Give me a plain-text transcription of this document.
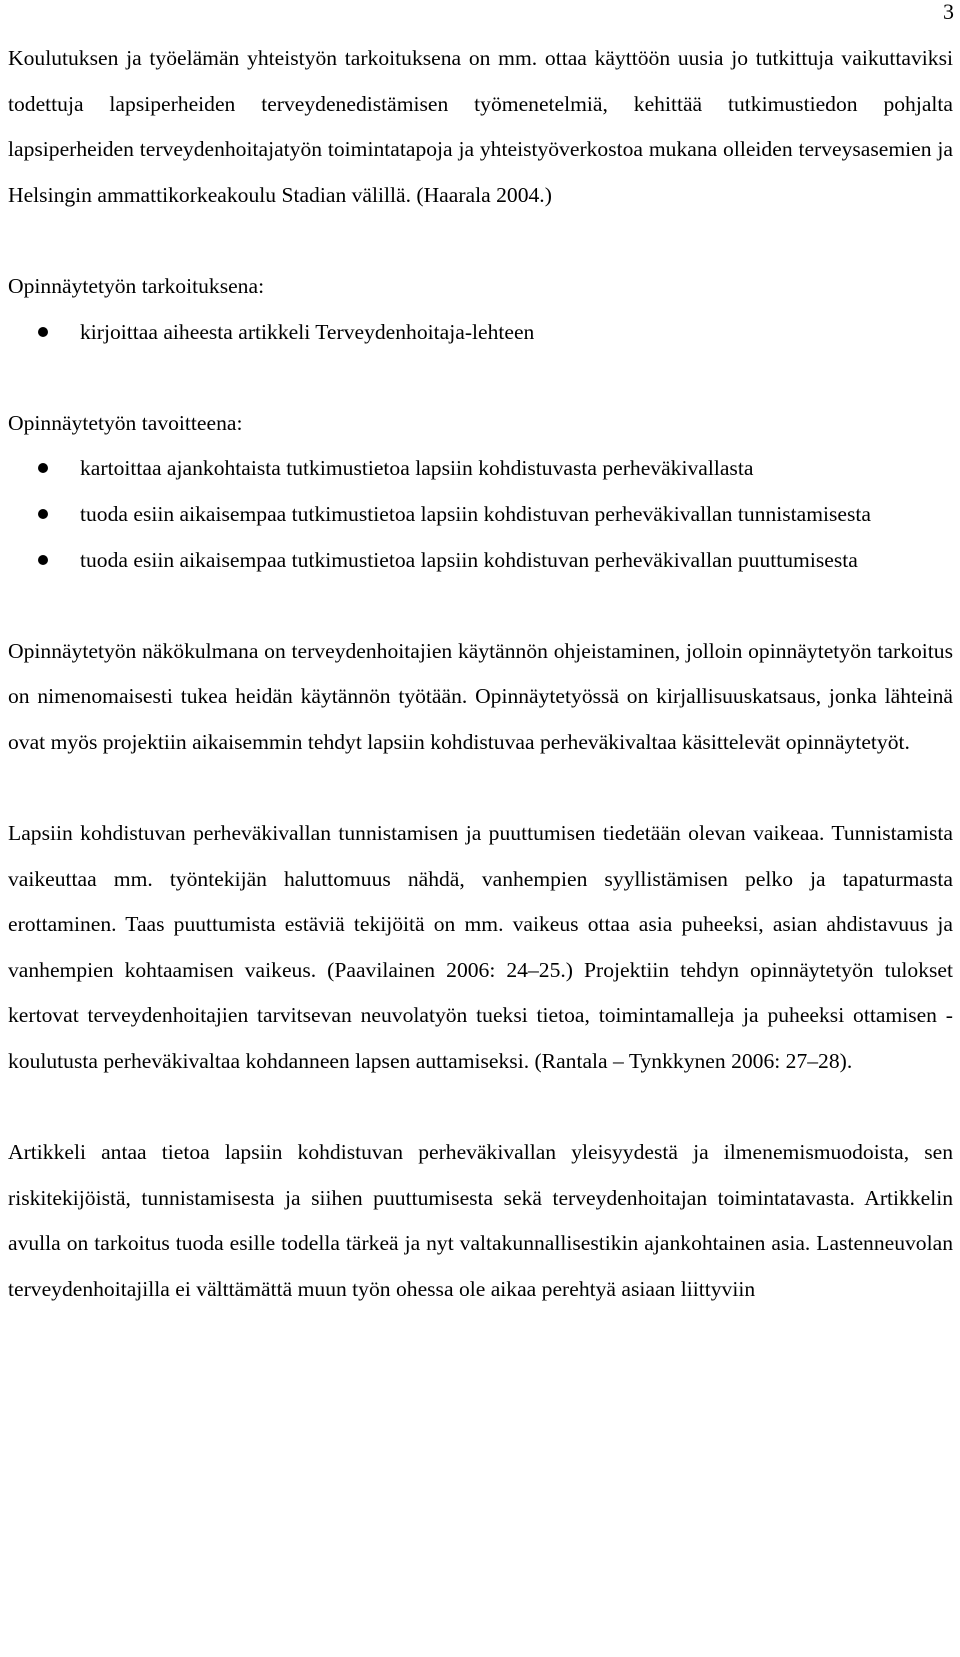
3

Koulutuksen ja työelämän yhteistyön tarkoituksena on mm. ottaa käyttöön uusia jo tutkittuja vaikuttaviksi todettuja lapsiperheiden terveydenedistämisen työmenetelmiä, kehittää tutkimustiedon pohjalta lapsiperheiden terveydenhoitajatyön toimintatapoja ja yhteistyöverkostoa mukana olleiden terveysasemien ja Helsingin ammattikorkeakoulu Stadian välillä. (Haarala 2004.)

Opinnäytetyön tarkoituksena:

kirjoittaa aiheesta artikkeli Terveydenhoitaja-lehteen

Opinnäytetyön tavoitteena:

kartoittaa ajankohtaista tutkimustietoa lapsiin kohdistuvasta perheväkivallasta
tuoda esiin aikaisempaa tutkimustietoa lapsiin kohdistuvan perheväkivallan tunnistamisesta
tuoda esiin aikaisempaa tutkimustietoa lapsiin kohdistuvan perheväkivallan puuttumisesta

Opinnäytetyön näkökulmana on terveydenhoitajien käytännön ohjeistaminen, jolloin opinnäytetyön tarkoitus on nimenomaisesti tukea heidän käytännön työtään. Opinnäytetyössä on kirjallisuuskatsaus, jonka lähteinä ovat myös projektiin aikaisemmin tehdyt lapsiin kohdistuvaa perheväkivaltaa käsittelevät opinnäytetyöt.

Lapsiin kohdistuvan perheväkivallan tunnistamisen ja puuttumisen tiedetään olevan vaikeaa. Tunnistamista vaikeuttaa mm. työntekijän haluttomuus nähdä, vanhempien syyllistämisen pelko ja tapaturmasta erottaminen. Taas puuttumista estäviä tekijöitä on mm. vaikeus ottaa asia puheeksi, asian ahdistavuus ja vanhempien kohtaamisen vaikeus. (Paavilainen 2006: 24–25.) Projektiin tehdyn opinnäytetyön tulokset kertovat terveydenhoitajien tarvitsevan neuvolatyön tueksi tietoa, toimintamalleja ja puheeksi ottamisen -koulutusta perheväkivaltaa kohdanneen lapsen auttamiseksi. (Rantala – Tynkkynen 2006: 27–28).

Artikkeli antaa tietoa lapsiin kohdistuvan perheväkivallan yleisyydestä ja ilmenemismuodoista, sen riskitekijöistä, tunnistamisesta ja siihen puuttumisesta sekä terveydenhoitajan toimintatavasta. Artikkelin avulla on tarkoitus tuoda esille todella tärkeä ja nyt valtakunnallisestikin ajankohtainen asia. Lastenneuvolan terveydenhoitajilla ei välttämättä muun työn ohessa ole aikaa perehtyä asiaan liittyviin
